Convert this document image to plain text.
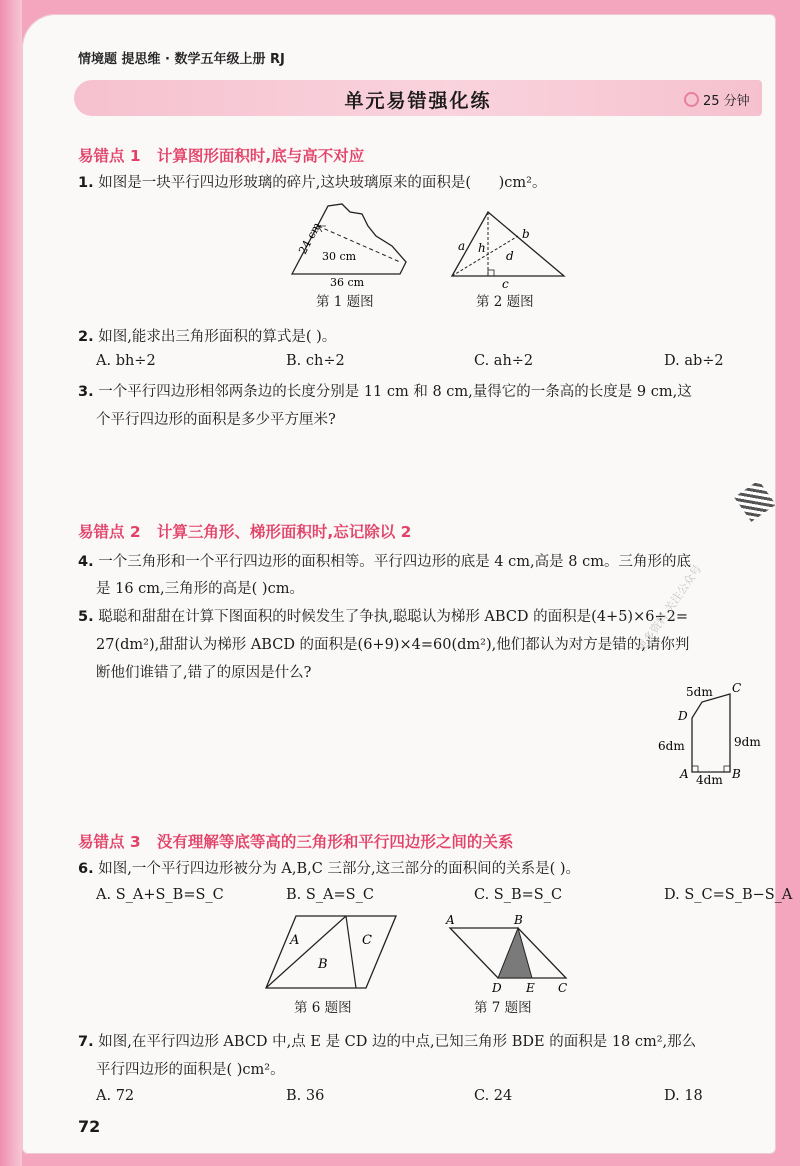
情境题 提思维 · 数学五年级上册 RJ
单元易错强化练	25 分钟
易错点 1 计算图形面积时,底与高不对应
1. 如图是一块平行四边形玻璃的碎片,这块玻璃原来的面积是( )cm²。
24 cm
30 cm
36 cm
第 1 题图
a h
b
d
c
第 2 题图
2. 如图,能求出三角形面积的算式是( )。
A. bh÷2	B. ch÷2	C. ah÷2	D. ab÷2
3. 一个平行四边形相邻两条边的长度分别是 11 cm 和 8 cm,量得它的一条高的长度是 9 cm,这
个平行四边形的面积是多少平方厘米?
易错点 2 计算三角形、梯形面积时,忘记除以 2
4. 一个三角形和一个平行四边形的面积相等。平行四边形的底是 4 cm,高是 8 cm。三角形的底
是 16 cm,三角形的高是( )cm。
5. 聪聪和甜甜在计算下图面积的时候发生了争执,聪聪认为梯形 ABCD 的面积是(4+5)×6÷2=
27(dm²),甜甜认为梯形 ABCD 的面积是(6+9)×4=60(dm²),他们都认为对方是错的,请你判
断他们谁错了,错了的原因是什么?
5dm C
D
6dm	9dm
A 4dm B
易错点 3 没有理解等底等高的三角形和平行四边形之间的关系
6. 如图,一个平行四边形被分为 A,B,C 三部分,这三部分的面积间的关系是( )。
A. S_A+S_B=S_C	B. S_A=S_C	C. S_B=S_C	D. S_C=S_B−S_A
A
B
C
第 6 题图
A	B
D E C
第 7 题图
7. 如图,在平行四边形 ABCD 中,点 E 是 CD 边的中点,已知三角形 BDE 的面积是 18 cm²,那么
平行四边形的面积是( )cm²。
A. 72	B. 36	C. 24	D. 18
72
更多资料 关注公众号
